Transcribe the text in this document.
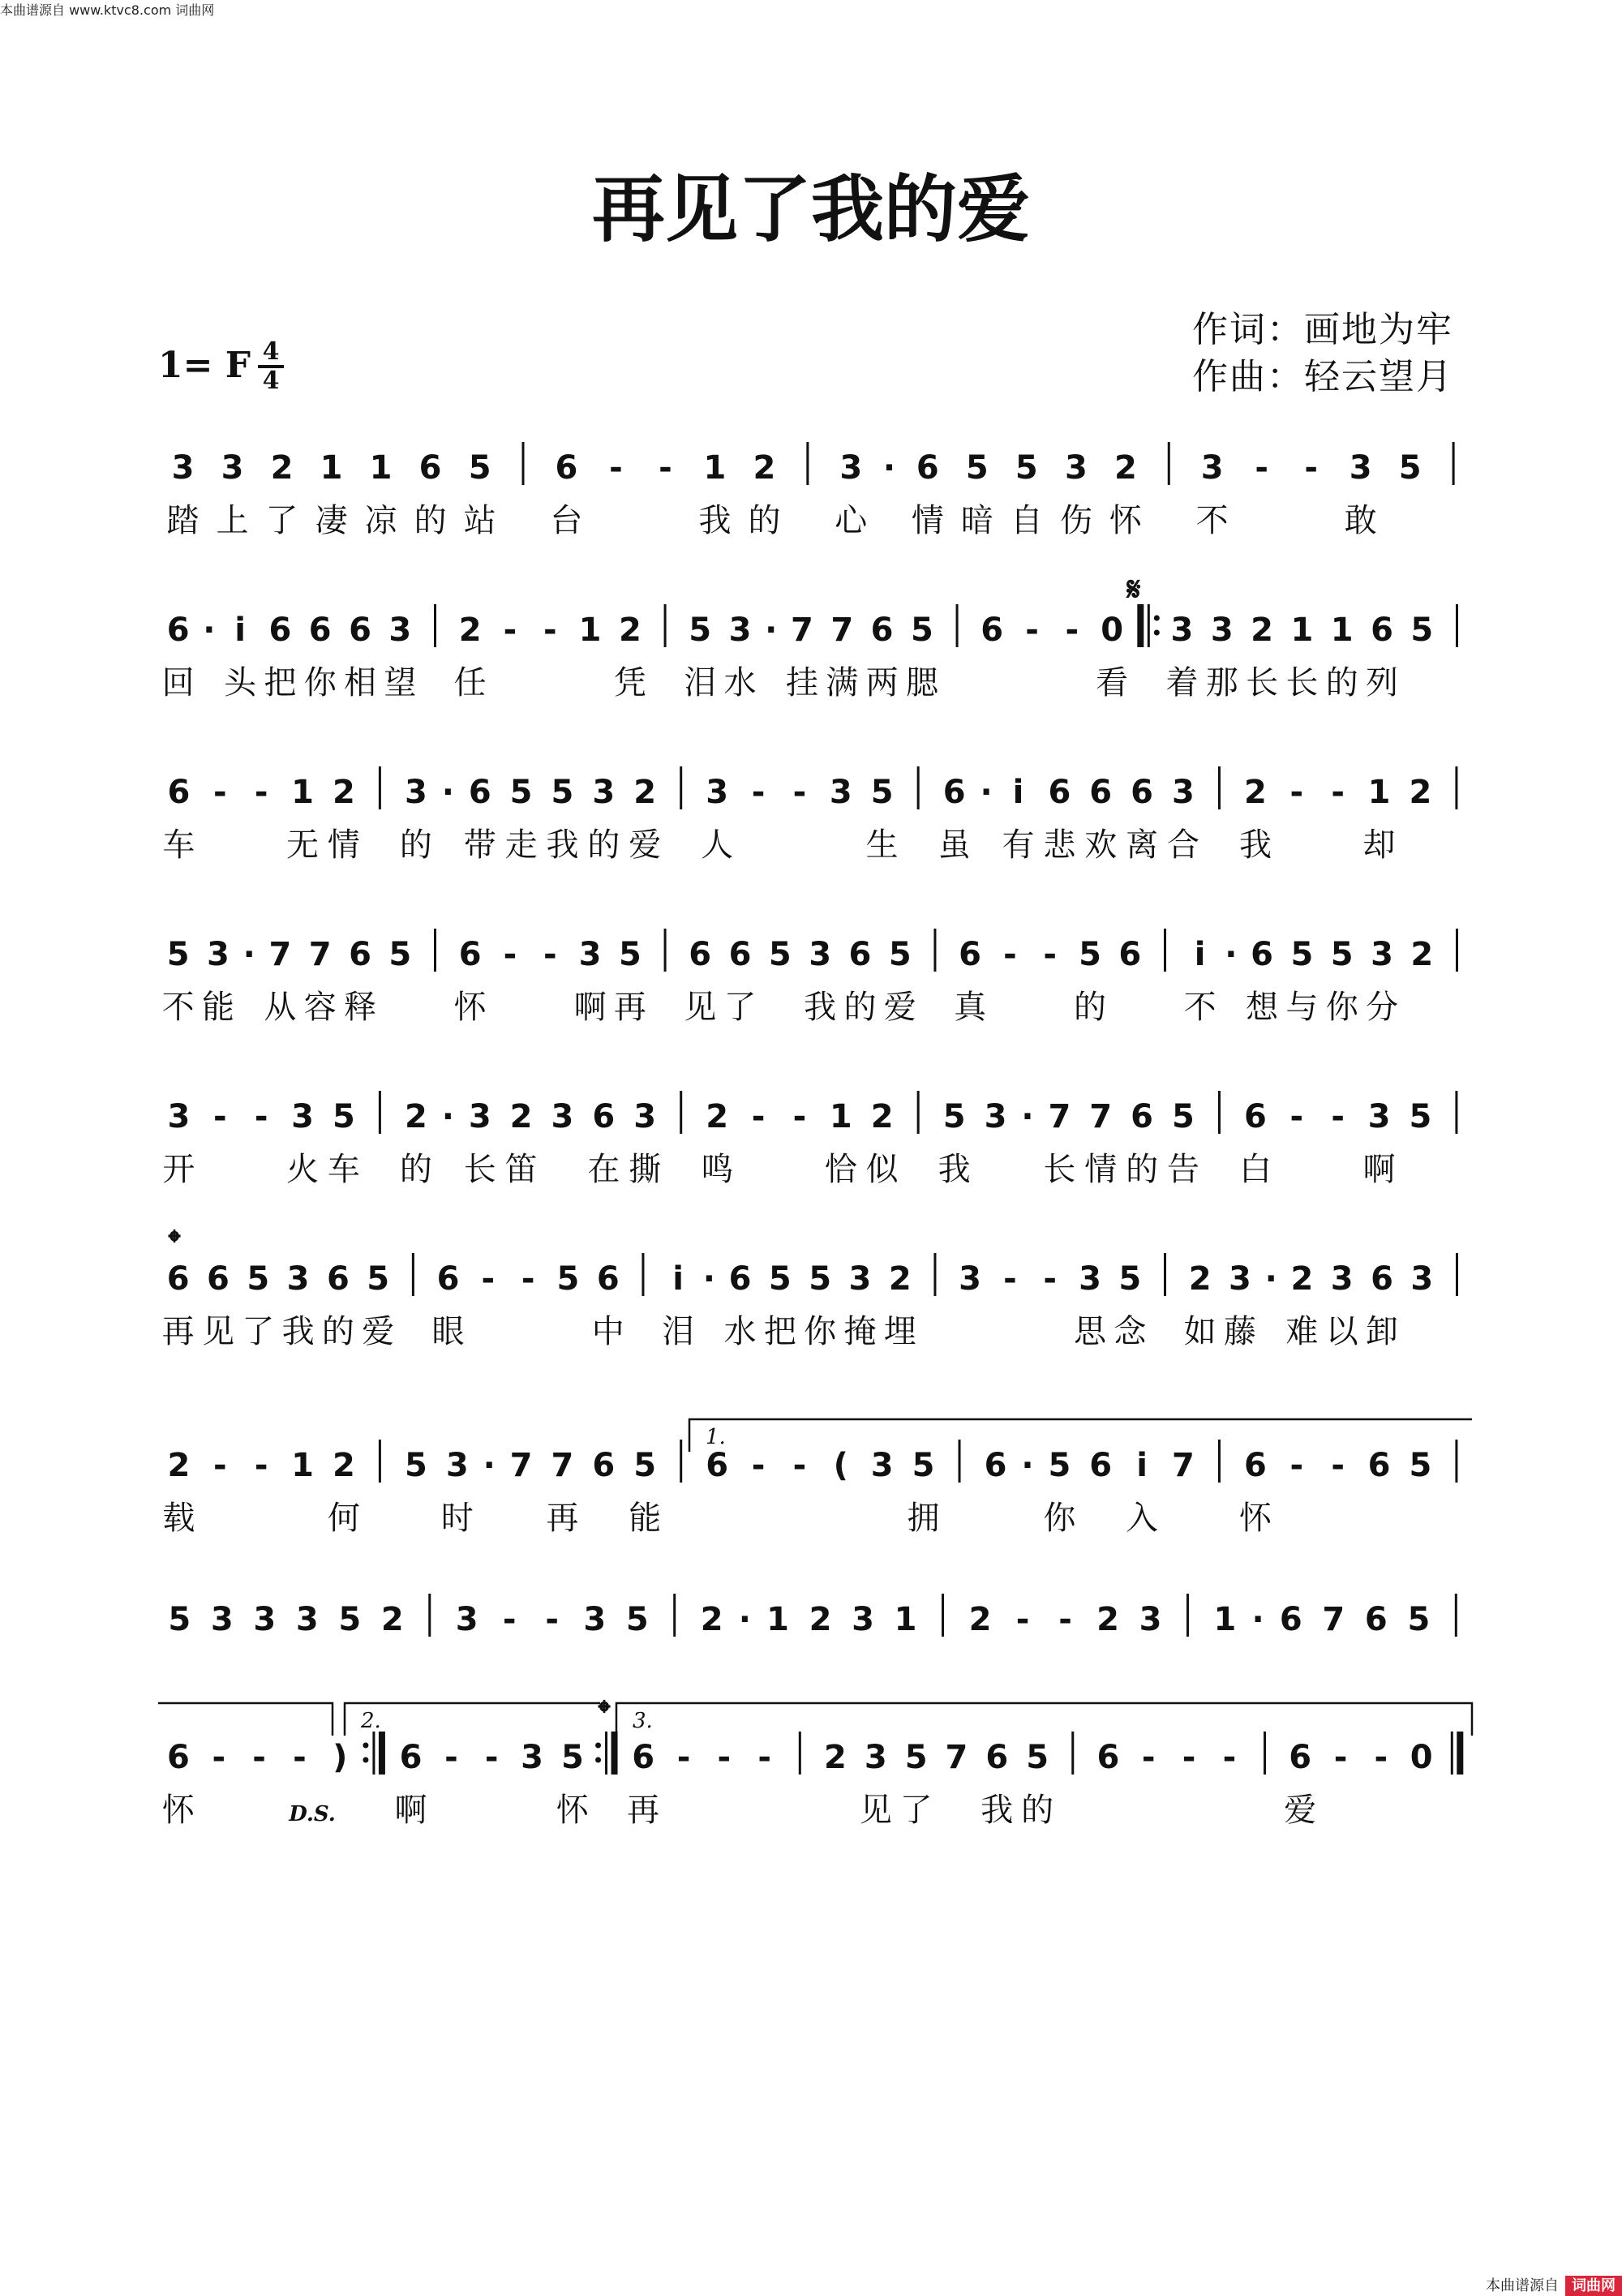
本曲谱源自 www.ktvc8.com 词曲网
再见了我的爱
1= F 4
4
作词：画地为牢
作曲：轻云望月
3 3 2 1 1 6 5 6 - - 1 2 3 · 6 5 5 3 2 3 - - 3 5
踏 上 了 凄 凉 的 站 台	我 的 心 情 暗 自 伤 怀 不	敢
6 · i 6 6 6 3 2 - - 1 2 5 3 · 7 7 6 5 6 - - 0 3 3 2 1 1 6 5
回 头 把 你 相 望 任	凭 泪 水 挂 满 两 腮	看 着 那 长 长 的 列
6 - - 1 2 3 · 6 5 5 3 2 3 - - 3 5 6 · i 6 6 6 3 2 - - 1 2
车	无 情 的 带 走 我 的 爱 人	生 虽 有 悲 欢 离 合 我	却
5 3 · 7 7 6 5 6 - - 3 5 6 6 5 3 6 5 6 - - 5 6 i · 6 5 5 3 2
不 能 从 容 释 怀	啊 再 见 了 我 的 爱 真	的 不 想 与 你 分
3 - - 3 5 2 · 3 2 3 6 3 2 - - 1 2 5 3 · 7 7 6 5 6 - - 3 5
开	火 车 的 长 笛 在 撕 鸣	恰 似 我 长 情 的 告 白	啊
6 6 5 3 6 5 6 - - 5 6 i · 6 5 5 3 2 3 - - 3 5 2 3 · 2 3 6 3
再 见 了 我 的 爱 眼	中 泪 水 把 你 掩 埋	思 念 如 藤 难 以 卸
2 - - 1 2 5 3 · 7 7 6 5 6 - - ( 3 5 6 · 5 6 i 7 6 - - 6 5
载	何 时 再 能	拥	你 入 怀
5 3 3 3 5 2 3 - - 3 5 2 · 1 2 3 1 2 - - 2 3 1 · 6 7 6 5
6 - - - ) 6 - - 3 5 6 - - - 2 3 5 7 6 5 6 - - - 6 - - 0
怀	啊	怀 再	见 了 我 的	爱
𝄋
𝄌
𝄌
1.
2.	3.
D.S.
本曲谱源自 词曲网
